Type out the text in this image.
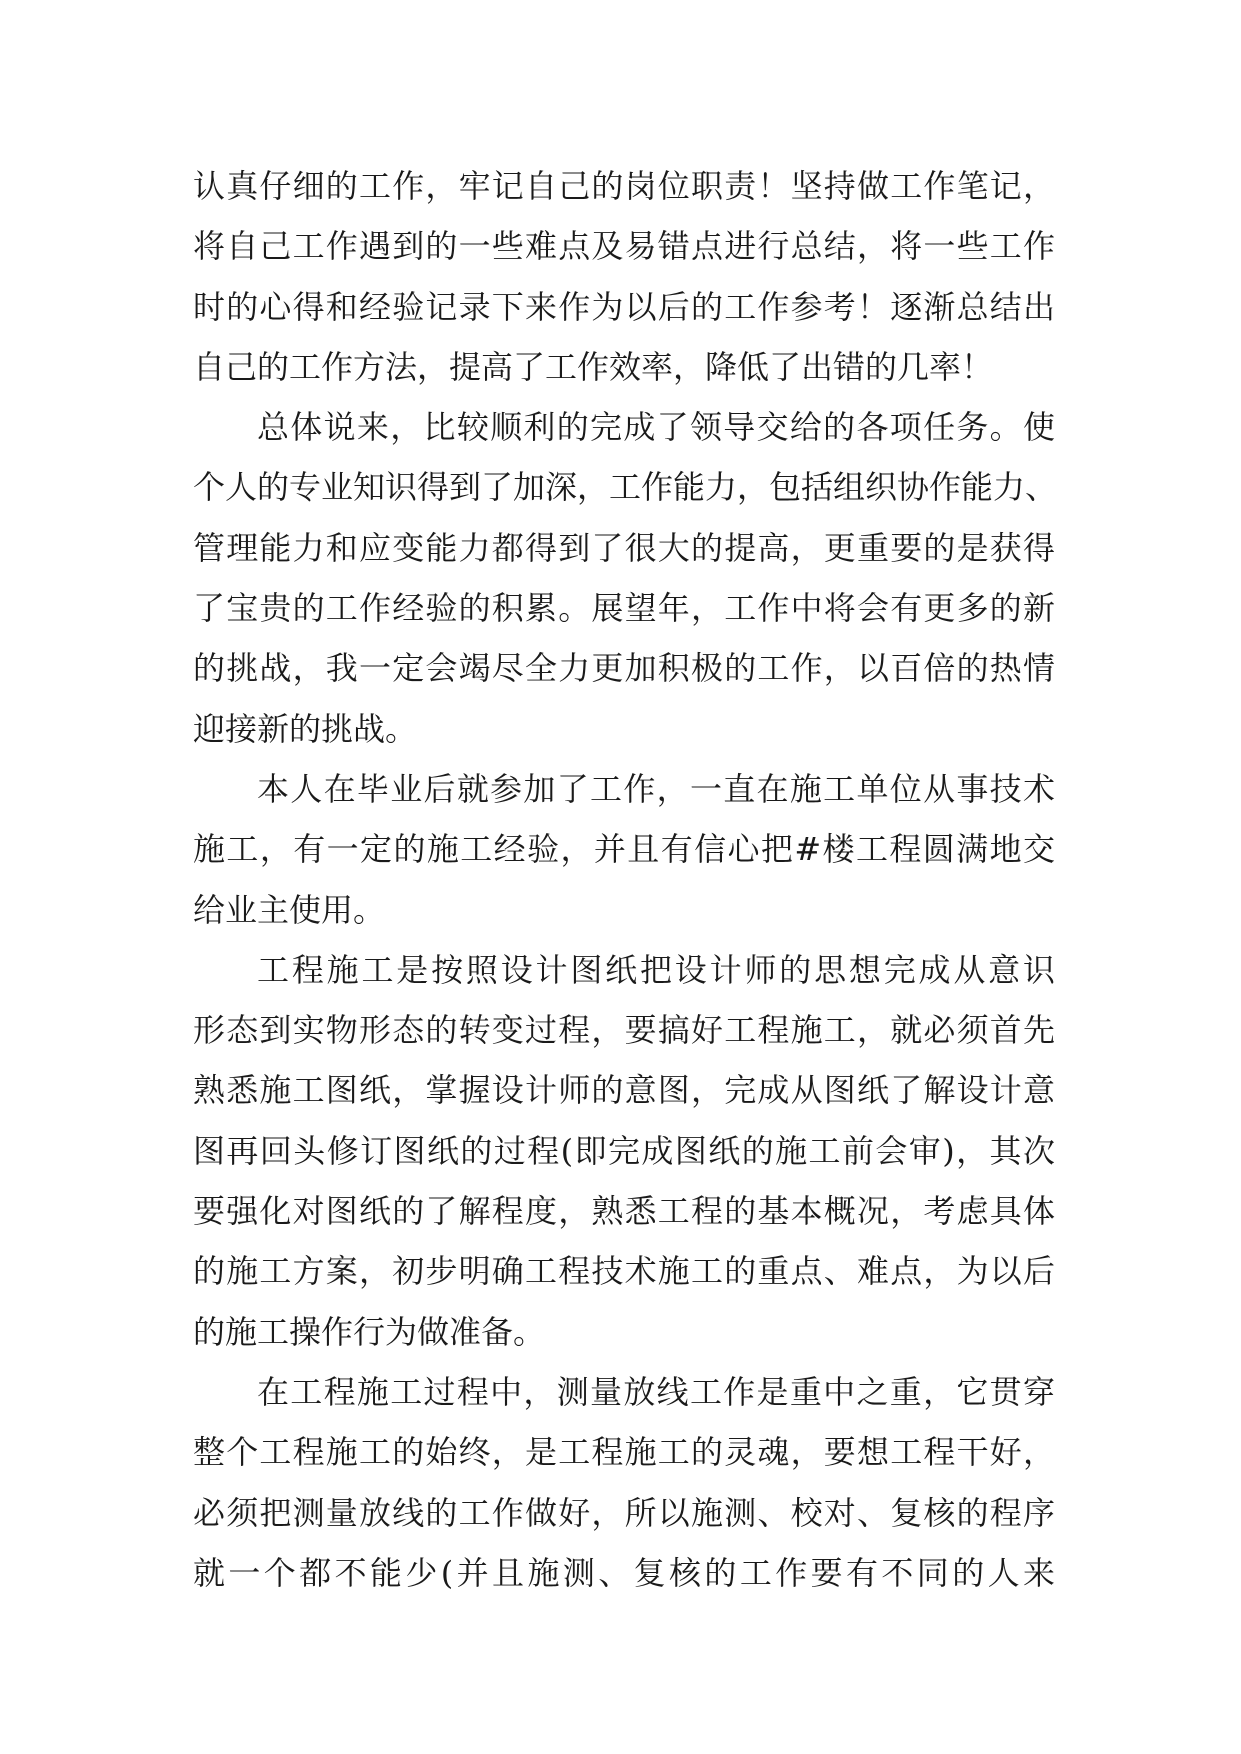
认真仔细的工作，牢记自己的岗位职责！坚持做工作笔记，
将自己工作遇到的一些难点及易错点进行总结，将一些工作
时的心得和经验记录下来作为以后的工作参考！逐渐总结出
自己的工作方法，提高了工作效率，降低了出错的几率！
总体说来，比较顺利的完成了领导交给的各项任务。使
个人的专业知识得到了加深，工作能力，包括组织协作能力、
管理能力和应变能力都得到了很大的提高，更重要的是获得
了宝贵的工作经验的积累。展望年，工作中将会有更多的新
的挑战，我一定会竭尽全力更加积极的工作，以百倍的热情
迎接新的挑战。
本人在毕业后就参加了工作，一直在施工单位从事技术
施工，有一定的施工经验，并且有信心把#楼工程圆满地交
给业主使用。
工程施工是按照设计图纸把设计师的思想完成从意识
形态到实物形态的转变过程，要搞好工程施工，就必须首先
熟悉施工图纸，掌握设计师的意图，完成从图纸了解设计意
图再回头修订图纸的过程(即完成图纸的施工前会审)，其次
要强化对图纸的了解程度，熟悉工程的基本概况，考虑具体
的施工方案，初步明确工程技术施工的重点、难点，为以后
的施工操作行为做准备。
在工程施工过程中，测量放线工作是重中之重，它贯穿
整个工程施工的始终，是工程施工的灵魂，要想工程干好，
必须把测量放线的工作做好，所以施测、校对、复核的程序
就一个都不能少(并且施测、复核的工作要有不同的人来
